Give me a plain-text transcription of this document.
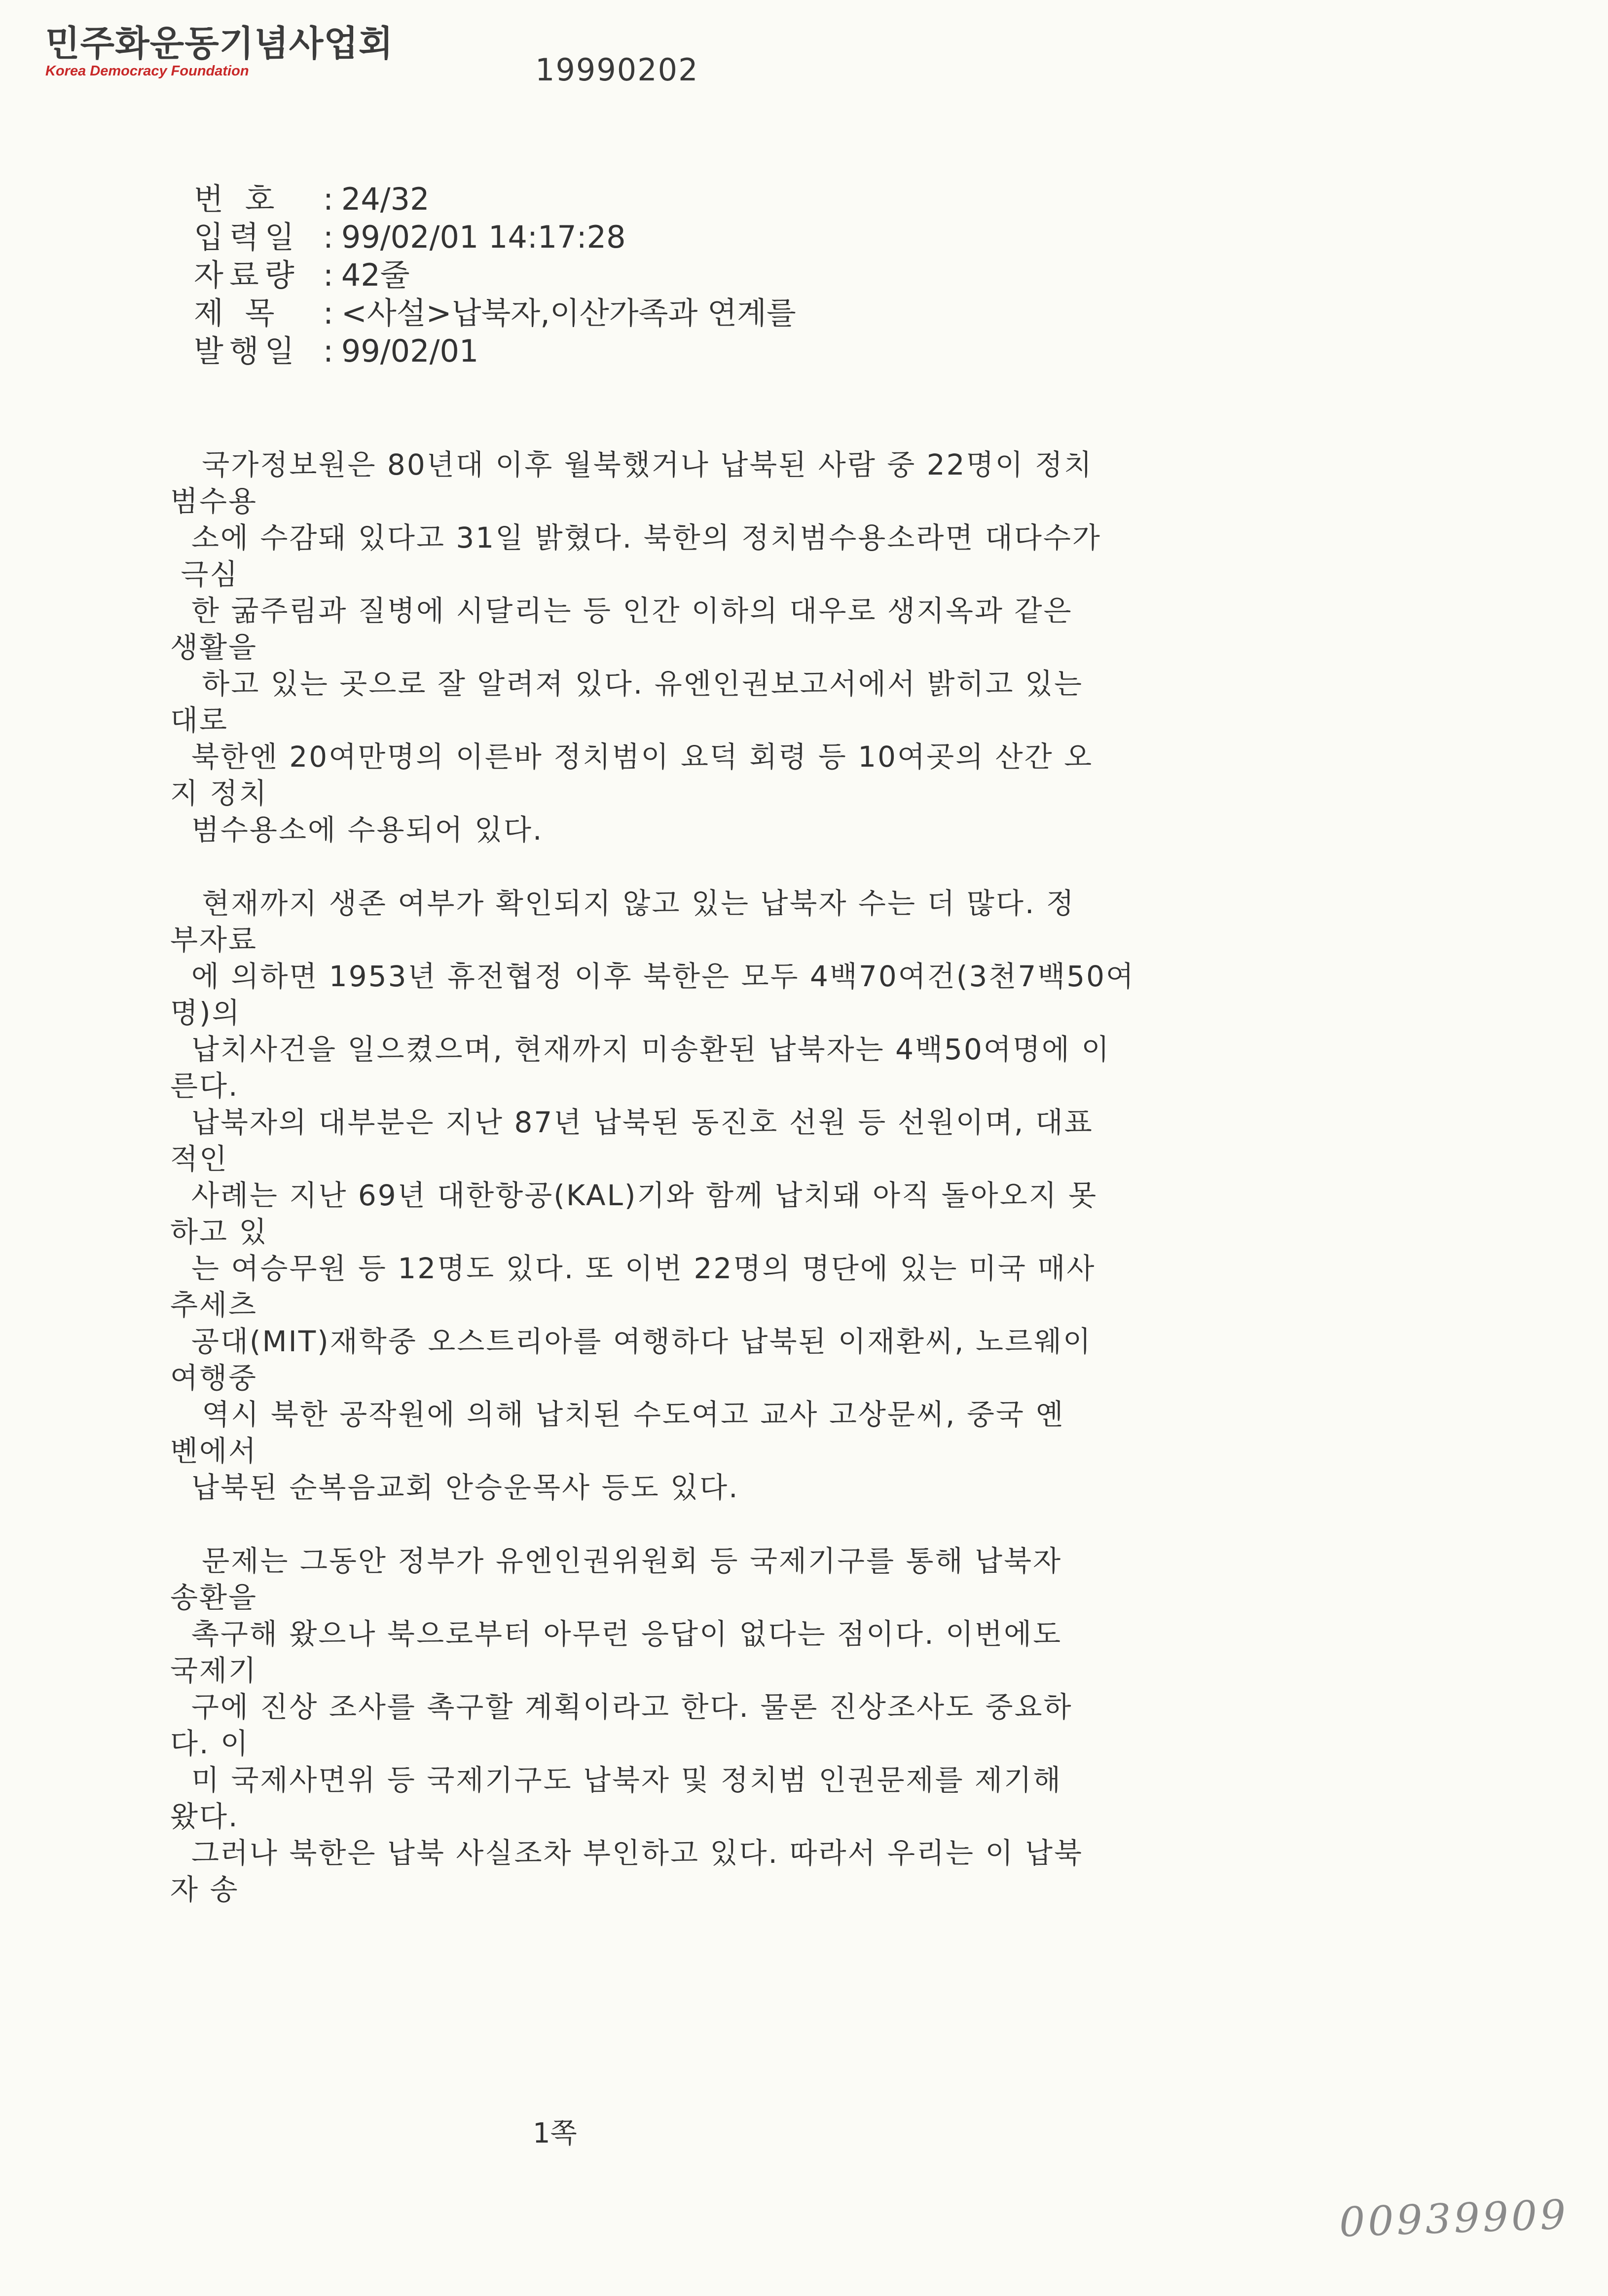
민주화운동기념사업회
Korea Democracy Foundation	19990202
번 호 : 24/32
입력일 : 99/02/01 14:17:28
자료량 : 42줄
제 목 : <사설>납북자,이산가족과 연계를
발행일 : 99/02/01
국가정보원은 80년대 이후 월북했거나 납북된 사람 중 22명이 정치
범수용
소에 수감돼 있다고 31일 밝혔다. 북한의 정치범수용소라면 대다수가
극심
한 굶주림과 질병에 시달리는 등 인간 이하의 대우로 생지옥과 같은
생활을
하고 있는 곳으로 잘 알려져 있다. 유엔인권보고서에서 밝히고 있는
대로
북한엔 20여만명의 이른바 정치범이 요덕 회령 등 10여곳의 산간 오
지 정치
범수용소에 수용되어 있다.
현재까지 생존 여부가 확인되지 않고 있는 납북자 수는 더 많다. 정
부자료
에 의하면 1953년 휴전협정 이후 북한은 모두 4백70여건(3천7백50여
명)의
납치사건을 일으켰으며, 현재까지 미송환된 납북자는 4백50여명에 이
른다.
납북자의 대부분은 지난 87년 납북된 동진호 선원 등 선원이며, 대표
적인
사례는 지난 69년 대한항공(KAL)기와 함께 납치돼 아직 돌아오지 못
하고 있
는 여승무원 등 12명도 있다. 또 이번 22명의 명단에 있는 미국 매사
추세츠
공대(MIT)재학중 오스트리아를 여행하다 납북된 이재환씨, 노르웨이
여행중
역시 북한 공작원에 의해 납치된 수도여고 교사 고상문씨, 중국 옌
볜에서
납북된 순복음교회 안승운목사 등도 있다.
문제는 그동안 정부가 유엔인권위원회 등 국제기구를 통해 납북자
송환을
촉구해 왔으나 북으로부터 아무런 응답이 없다는 점이다. 이번에도
국제기
구에 진상 조사를 촉구할 계획이라고 한다. 물론 진상조사도 중요하
다. 이
미 국제사면위 등 국제기구도 납북자 및 정치범 인권문제를 제기해
왔다.
그러나 북한은 납북 사실조차 부인하고 있다. 따라서 우리는 이 납북
자 송
1쪽
00939909
